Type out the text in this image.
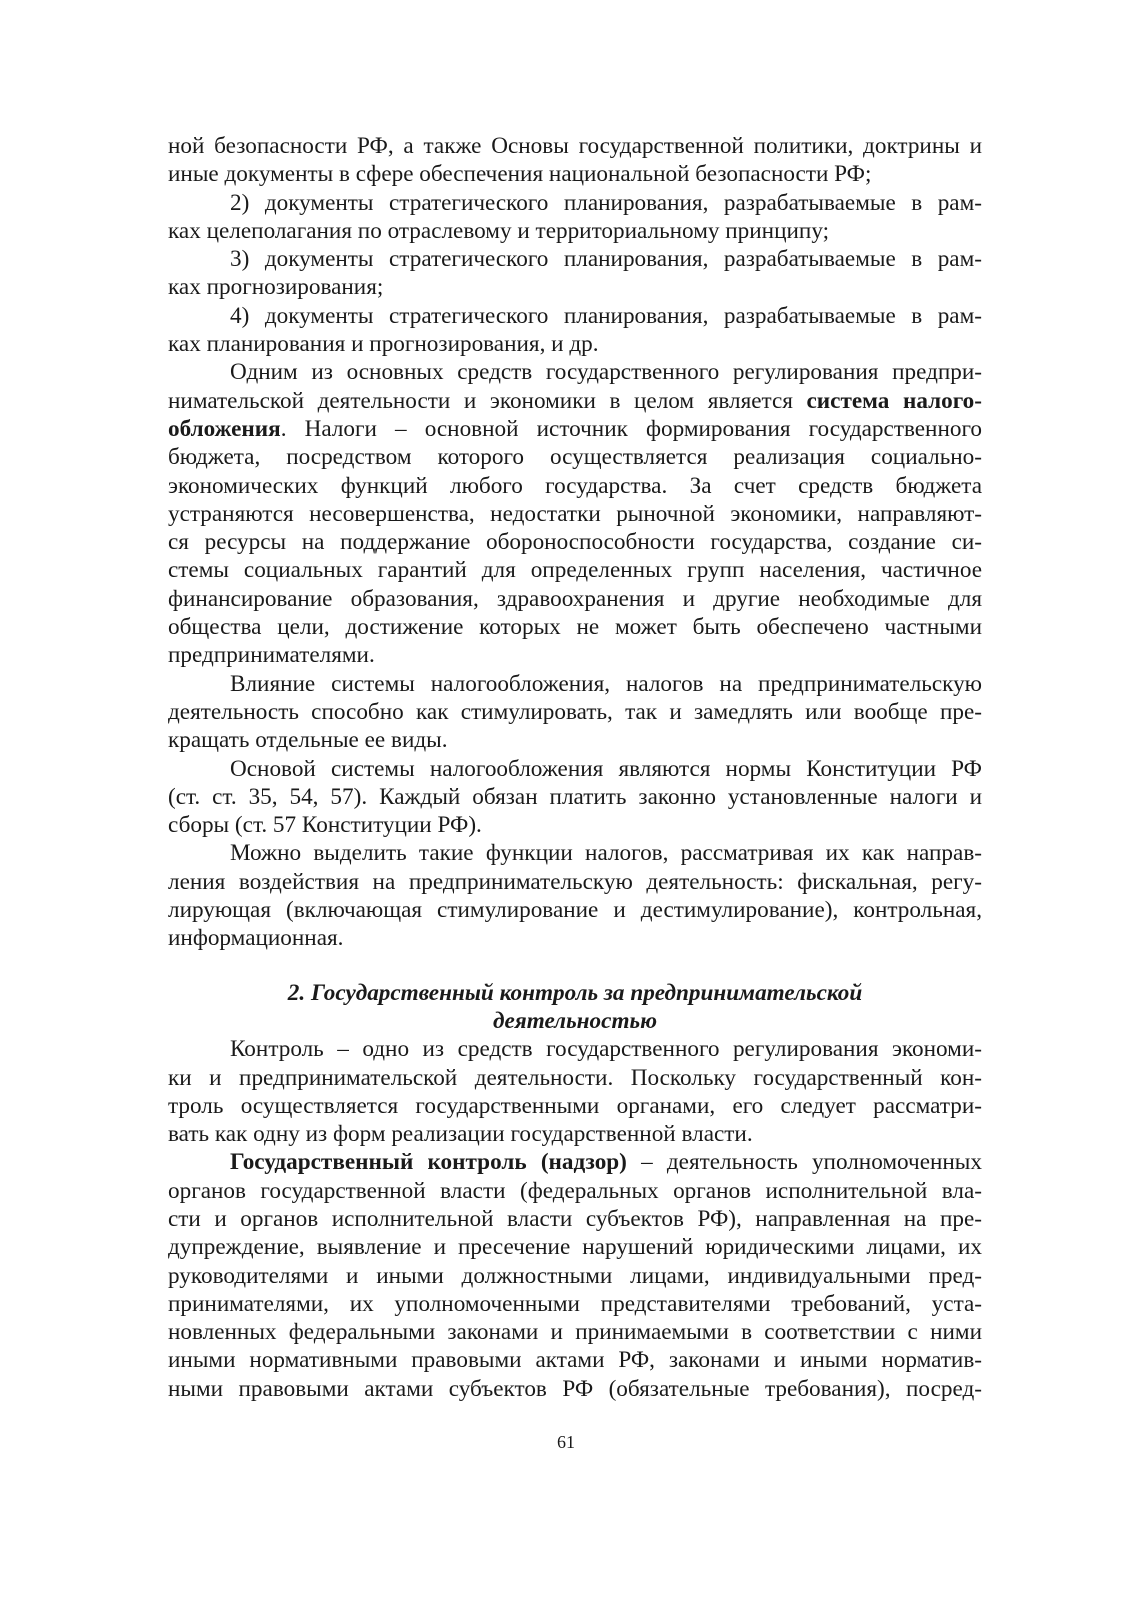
ной безопасности РФ, а также Основы государственной политики, доктрины и
иные документы в сфере обеспечения национальной безопасности РФ;
2) документы стратегического планирования, разрабатываемые в рам-
ках целеполагания по отраслевому и территориальному принципу;
3) документы стратегического планирования, разрабатываемые в рам-
ках прогнозирования;
4) документы стратегического планирования, разрабатываемые в рам-
ках планирования и прогнозирования, и др.
Одним из основных средств государственного регулирования предпри-
нимательской деятельности и экономики в целом является система налого-
обложения. Налоги – основной источник формирования государственного
бюджета, посредством которого осуществляется реализация социально-
экономических функций любого государства. За счет средств бюджета
устраняются несовершенства, недостатки рыночной экономики, направляют-
ся ресурсы на поддержание обороноспособности государства, создание си-
стемы социальных гарантий для определенных групп населения, частичное
финансирование образования, здравоохранения и другие необходимые для
общества цели, достижение которых не может быть обеспечено частными
предпринимателями.
Влияние системы налогообложения, налогов на предпринимательскую
деятельность способно как стимулировать, так и замедлять или вообще пре-
кращать отдельные ее виды.
Основой системы налогообложения являются нормы Конституции РФ
(ст. ст. 35, 54, 57). Каждый обязан платить законно установленные налоги и
сборы (ст. 57 Конституции РФ).
Можно выделить такие функции налогов, рассматривая их как направ-
ления воздействия на предпринимательскую деятельность: фискальная, регу-
лирующая (включающая стимулирование и дестимулирование), контрольная,
информационная.
2. Государственный контроль за предпринимательской
деятельностью
Контроль – одно из средств государственного регулирования экономи-
ки и предпринимательской деятельности. Поскольку государственный кон-
троль осуществляется государственными органами, его следует рассматри-
вать как одну из форм реализации государственной власти.
Государственный контроль (надзор) – деятельность уполномоченных
органов государственной власти (федеральных органов исполнительной вла-
сти и органов исполнительной власти субъектов РФ), направленная на пре-
дупреждение, выявление и пресечение нарушений юридическими лицами, их
руководителями и иными должностными лицами, индивидуальными пред-
принимателями, их уполномоченными представителями требований, уста-
новленных федеральными законами и принимаемыми в соответствии с ними
иными нормативными правовыми актами РФ, законами и иными норматив-
ными правовыми актами субъектов РФ (обязательные требования), посред-
61
